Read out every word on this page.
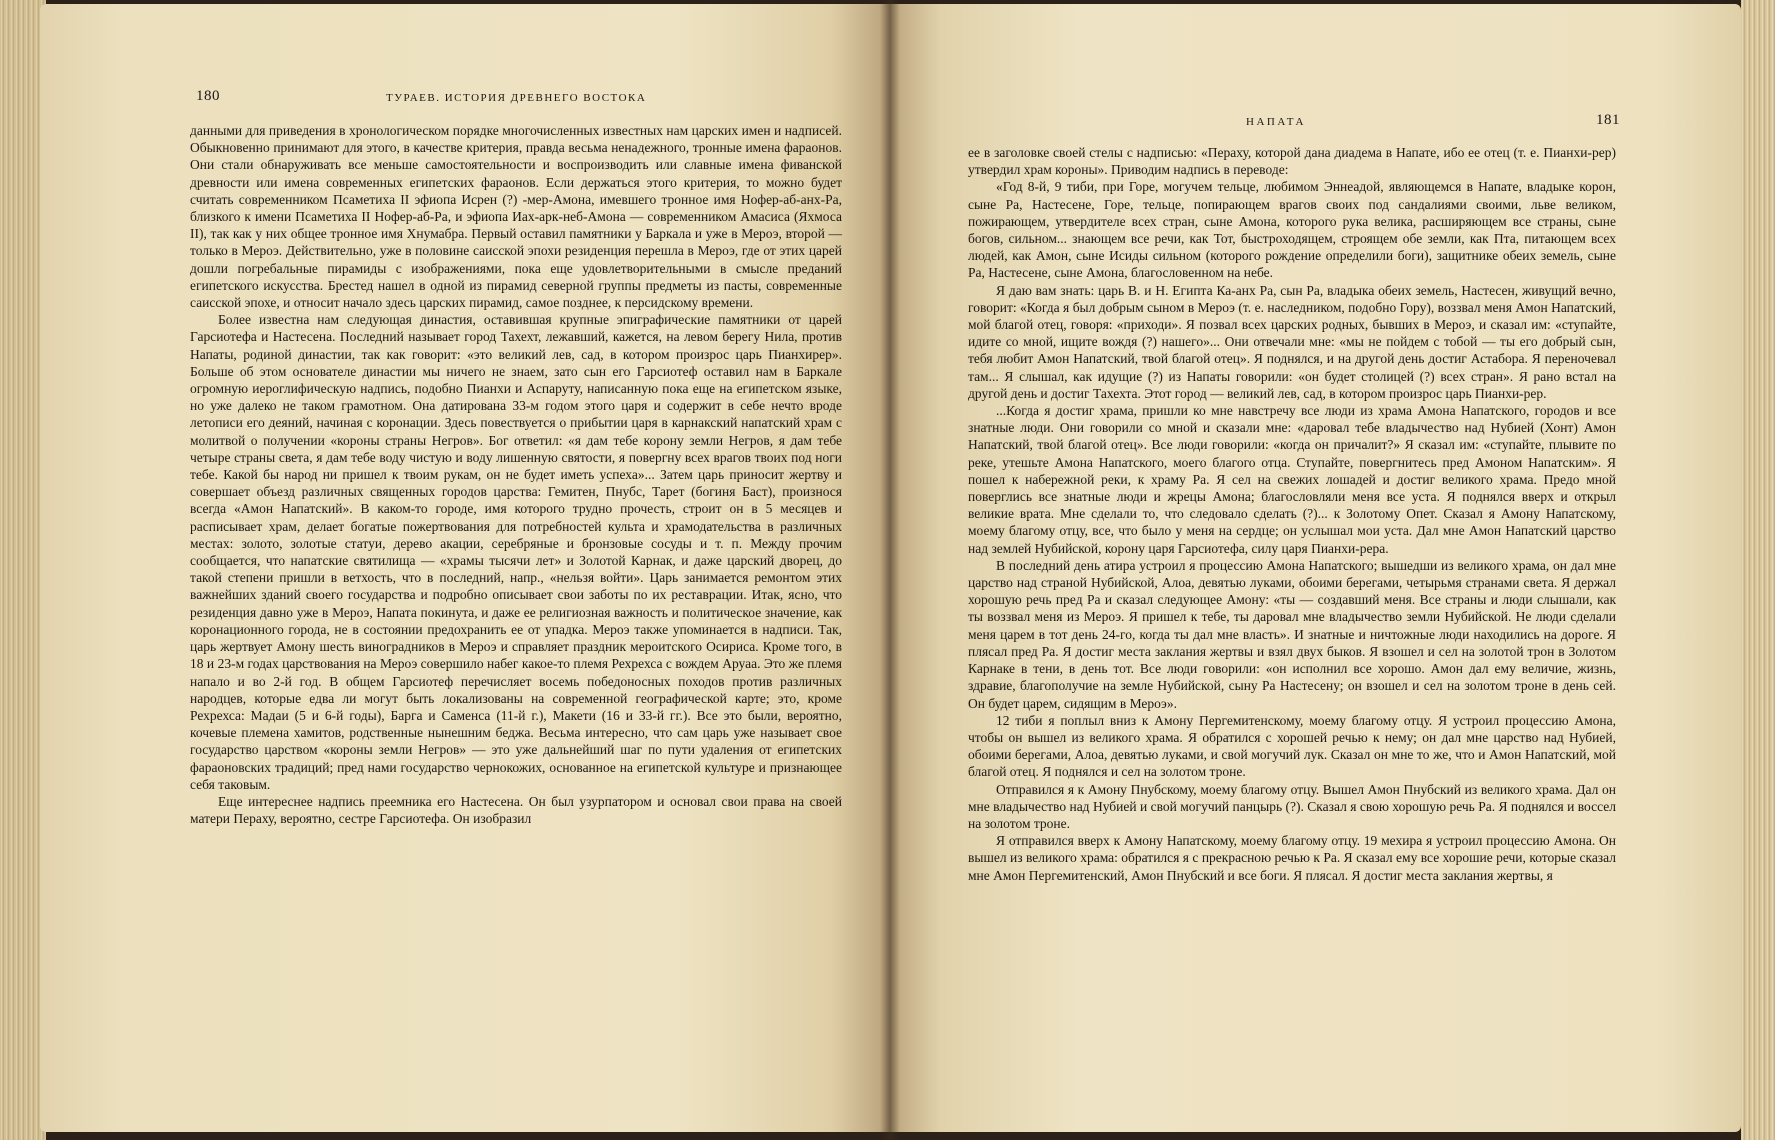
180	ТУРАЕВ. ИСТОРИЯ ДРЕВНЕГО ВОСТОКА

данными для приведения в хронологическом порядке многочисленных известных нам царских имен и надписей. Обыкновенно принимают для этого, в качестве критерия, правда весьма ненадежного, тронные имена фараонов. Они стали обнаруживать все меньше самостоятельности и воспроизводить или славные имена фиванской древности или имена современных египетских фараонов. Если держаться этого критерия, то можно будет считать современником Псаметиха II эфиопа Исрен (?) -мер-Амона, имевшего тронное имя Нофер-аб-анх-Ра, близкого к имени Псаметиха II Нофер-аб-Ра, и эфиопа Иах-арк-неб-Амона — современником Амасиса (Яхмоса II), так как у них общее тронное имя Хнумабра. Первый оставил памятники у Баркала и уже в Мероэ, второй — только в Мероэ. Действительно, уже в половине саисской эпохи резиденция перешла в Мероэ, где от этих царей дошли погребальные пирамиды с изображениями, пока еще удовлетворительными в смысле преданий египетского искусства. Брестед нашел в одной из пирамид северной группы предметы из пасты, современные саисской эпохе, и относит начало здесь царских пирамид, самое позднее, к персидскому времени.

Более известна нам следующая династия, оставившая крупные эпиграфические памятники от царей Гарсиотефа и Настесена. Последний называет город Тахехт, лежавший, кажется, на левом берегу Нила, против Напаты, родиной династии, так как говорит: «это великий лев, сад, в котором произрос царь Пианхирер». Больше об этом основателе династии мы ничего не знаем, зато сын его Гарсиотеф оставил нам в Баркале огромную иероглифическую надпись, подобно Пианхи и Аспаруту, написанную пока еще на египетском языке, но уже далеко не таком грамотном. Она датирована 33-м годом этого царя и содержит в себе нечто вроде летописи его деяний, начиная с коронации. Здесь повествуется о прибытии царя в карнакский напатский храм с молитвой о получении «короны страны Негров». Бог ответил: «я дам тебе корону земли Негров, я дам тебе четыре страны света, я дам тебе воду чистую и воду лишенную святости, я повергну всех врагов твоих под ноги тебе. Какой бы народ ни пришел к твоим рукам, он не будет иметь успеха»... Затем царь приносит жертву и совершает объезд различных священных городов царства: Гемитен, Пнубс, Тарет (богиня Баст), произнося всегда «Амон Напатский». В каком-то городе, имя которого трудно прочесть, строит он в 5 месяцев и расписывает храм, делает богатые пожертвования для потребностей культа и храмодательства в различных местах: золото, золотые статуи, дерево акации, серебряные и бронзовые сосуды и т. п. Между прочим сообщается, что напатские святилища — «храмы тысячи лет» и Золотой Карнак, и даже царский дворец, до такой степени пришли в ветхость, что в последний, напр., «нельзя войти». Царь занимается ремонтом этих важнейших зданий своего государства и подробно описывает свои заботы по их реставрации. Итак, ясно, что резиденция давно уже в Мероэ, Напата покинута, и даже ее религиозная важность и политическое значение, как коронационного города, не в состоянии предохранить ее от упадка. Мероэ также упоминается в надписи. Так, царь жертвует Амону шесть виноградников в Мероэ и справляет праздник мероитского Осириса. Кроме того, в 18 и 23-м годах царствования на Мероэ совершило набег какое-то племя Рехрехса с вождем Аруаа. Это же племя напало и во 2-й год. В общем Гарсиотеф перечисляет восемь победоносных походов против различных народцев, которые едва ли могут быть локализованы на современной географической карте; это, кроме Рехрехса: Мадаи (5 и 6-й годы), Барга и Саменса (11-й г.), Макети (16 и 33-й гг.). Все это были, вероятно, кочевые племена хамитов, родственные нынешним беджа. Весьма интересно, что сам царь уже называет свое государство царством «короны земли Негров» — это уже дальнейший шаг по пути удаления от египетских фараоновских традиций; пред нами государство чернокожих, основанное на египетской культуре и признающее себя таковым.

Еще интереснее надпись преемника его Настесена. Он был узурпатором и основал свои права на своей матери Пераху, вероятно, сестре Гарсиотефа. Он изобразил

НАПАТА	181

ее в заголовке своей стелы с надписью: «Пераху, которой дана диадема в Напате, ибо ее отец (т. е. Пианхи-рер) утвердил храм короны». Приводим надпись в переводе:

«Год 8-й, 9 тиби, при Горе, могучем тельце, любимом Эннеадой, являющемся в Напате, владыке корон, сыне Ра, Настесене, Горе, тельце, попирающем врагов своих под сандалиями своими, льве великом, пожирающем, утвердителе всех стран, сыне Амона, которого рука велика, расширяющем все страны, сыне богов, сильном... знающем все речи, как Тот, быстроходящем, строящем обе земли, как Пта, питающем всех людей, как Амон, сыне Исиды сильном (которого рождение определили боги), защитнике обеих земель, сыне Ра, Настесене, сыне Амона, благословенном на небе.

Я даю вам знать: царь В. и Н. Египта Ка-анх Ра, сын Ра, владыка обеих земель, Настесен, живущий вечно, говорит: «Когда я был добрым сыном в Мероэ (т. е. наследником, подобно Гору), воззвал меня Амон Напатский, мой благой отец, говоря: «приходи». Я позвал всех царских родных, бывших в Мероэ, и сказал им: «ступайте, идите со мной, ищите вождя (?) нашего»... Они отвечали мне: «мы не пойдем с тобой — ты его добрый сын, тебя любит Амон Напатский, твой благой отец». Я поднялся, и на другой день достиг Астабора. Я переночевал там... Я слышал, как идущие (?) из Напаты говорили: «он будет столицей (?) всех стран». Я рано встал на другой день и достиг Тахехта. Этот город — великий лев, сад, в котором произрос царь Пианхи-рер.

...Когда я достиг храма, пришли ко мне навстречу все люди из храма Амона Напатского, городов и все знатные люди. Они говорили со мной и сказали мне: «даровал тебе владычество над Нубией (Хонт) Амон Напатский, твой благой отец». Все люди говорили: «когда он причалит?» Я сказал им: «ступайте, плывите по реке, утешьте Амона Напатского, моего благого отца. Ступайте, повергнитесь пред Амоном Напатским». Я пошел к набережной реки, к храму Ра. Я сел на свежих лошадей и достиг великого храма. Предо мной поверглись все знатные люди и жрецы Амона; благословляли меня все уста. Я поднялся вверх и открыл великие врата. Мне сделали то, что следовало сделать (?)... к Золотому Опет. Сказал я Амону Напатскому, моему благому отцу, все, что было у меня на сердце; он услышал мои уста. Дал мне Амон Напатский царство над землей Нубийской, корону царя Гарсиотефа, силу царя Пианхи-рера.

В последний день атира устроил я процессию Амона Напатского; вышедши из великого храма, он дал мне царство над страной Нубийской, Алоа, девятью луками, обоими берегами, четырьмя странами света. Я держал хорошую речь пред Ра и сказал следующее Амону: «ты — создавший меня. Все страны и люди слышали, как ты воззвал меня из Мероэ. Я пришел к тебе, ты даровал мне владычество земли Нубийской. Не люди сделали меня царем в тот день 24-го, когда ты дал мне власть». И знатные и ничтожные люди находились на дороге. Я плясал пред Ра. Я достиг места заклания жертвы и взял двух быков. Я взошел и сел на золотой трон в Золотом Карнаке в тени, в день тот. Все люди говорили: «он исполнил все хорошо. Амон дал ему величие, жизнь, здравие, благополучие на земле Нубийской, сыну Ра Настесену; он взошел и сел на золотом троне в день сей. Он будет царем, сидящим в Мероэ».

12 тиби я поплыл вниз к Амону Пергемитенскому, моему благому отцу. Я устроил процессию Амона, чтобы он вышел из великого храма. Я обратился с хорошей речью к нему; он дал мне царство над Нубией, обоими берегами, Алоа, девятью луками, и свой могучий лук. Сказал он мне то же, что и Амон Напатский, мой благой отец. Я поднялся и сел на золотом троне.

Отправился я к Амону Пнубскому, моему благому отцу. Вышел Амон Пнубский из великого храма. Дал он мне владычество над Нубией и свой могучий панцырь (?). Сказал я свою хорошую речь Ра. Я поднялся и воссел на золотом троне.

Я отправился вверх к Амону Напатскому, моему благому отцу. 19 мехира я устроил процессию Амона. Он вышел из великого храма: обратился я с прекрасною речью к Ра. Я сказал ему все хорошие речи, которые сказал мне Амон Пергемитенский, Амон Пнубский и все боги. Я плясал. Я достиг места заклания жертвы, я
